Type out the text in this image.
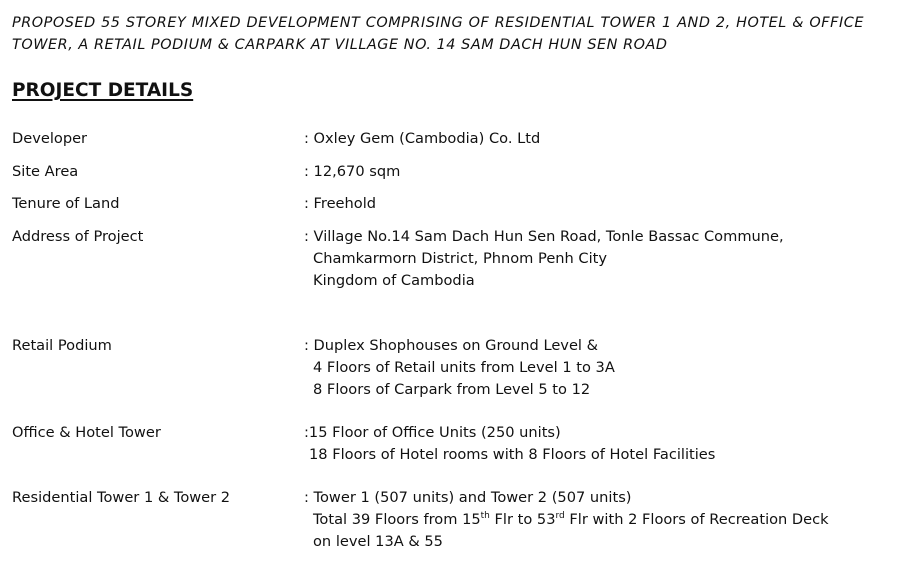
PROPOSED 55 STOREY MIXED DEVELOPMENT COMPRISING OF RESIDENTIAL TOWER 1 AND 2, HOTEL & OFFICE TOWER, A RETAIL PODIUM & CARPARK AT VILLAGE NO. 14 SAM DACH HUN SEN ROAD
PROJECT DETAILS
Developer	: Oxley Gem (Cambodia) Co. Ltd
Site Area	: 12,670 sqm
Tenure of Land	: Freehold
Address of Project	: Village No.14 Sam Dach Hun Sen Road, Tonle Bassac Commune,
Chamkarmorn District, Phnom Penh City
Kingdom of Cambodia
Retail Podium	: Duplex Shophouses on Ground Level &
4 Floors of Retail units from Level 1 to 3A
8 Floors of Carpark from Level 5 to 12
Office & Hotel Tower	:15 Floor of Office Units (250 units)
18 Floors of Hotel rooms with 8 Floors of Hotel Facilities
Residential Tower 1 & Tower 2	: Tower 1 (507 units) and Tower 2 (507 units)
Total 39 Floors from 15th Flr to 53rd Flr with 2 Floors of Recreation Deck
on level 13A & 55
